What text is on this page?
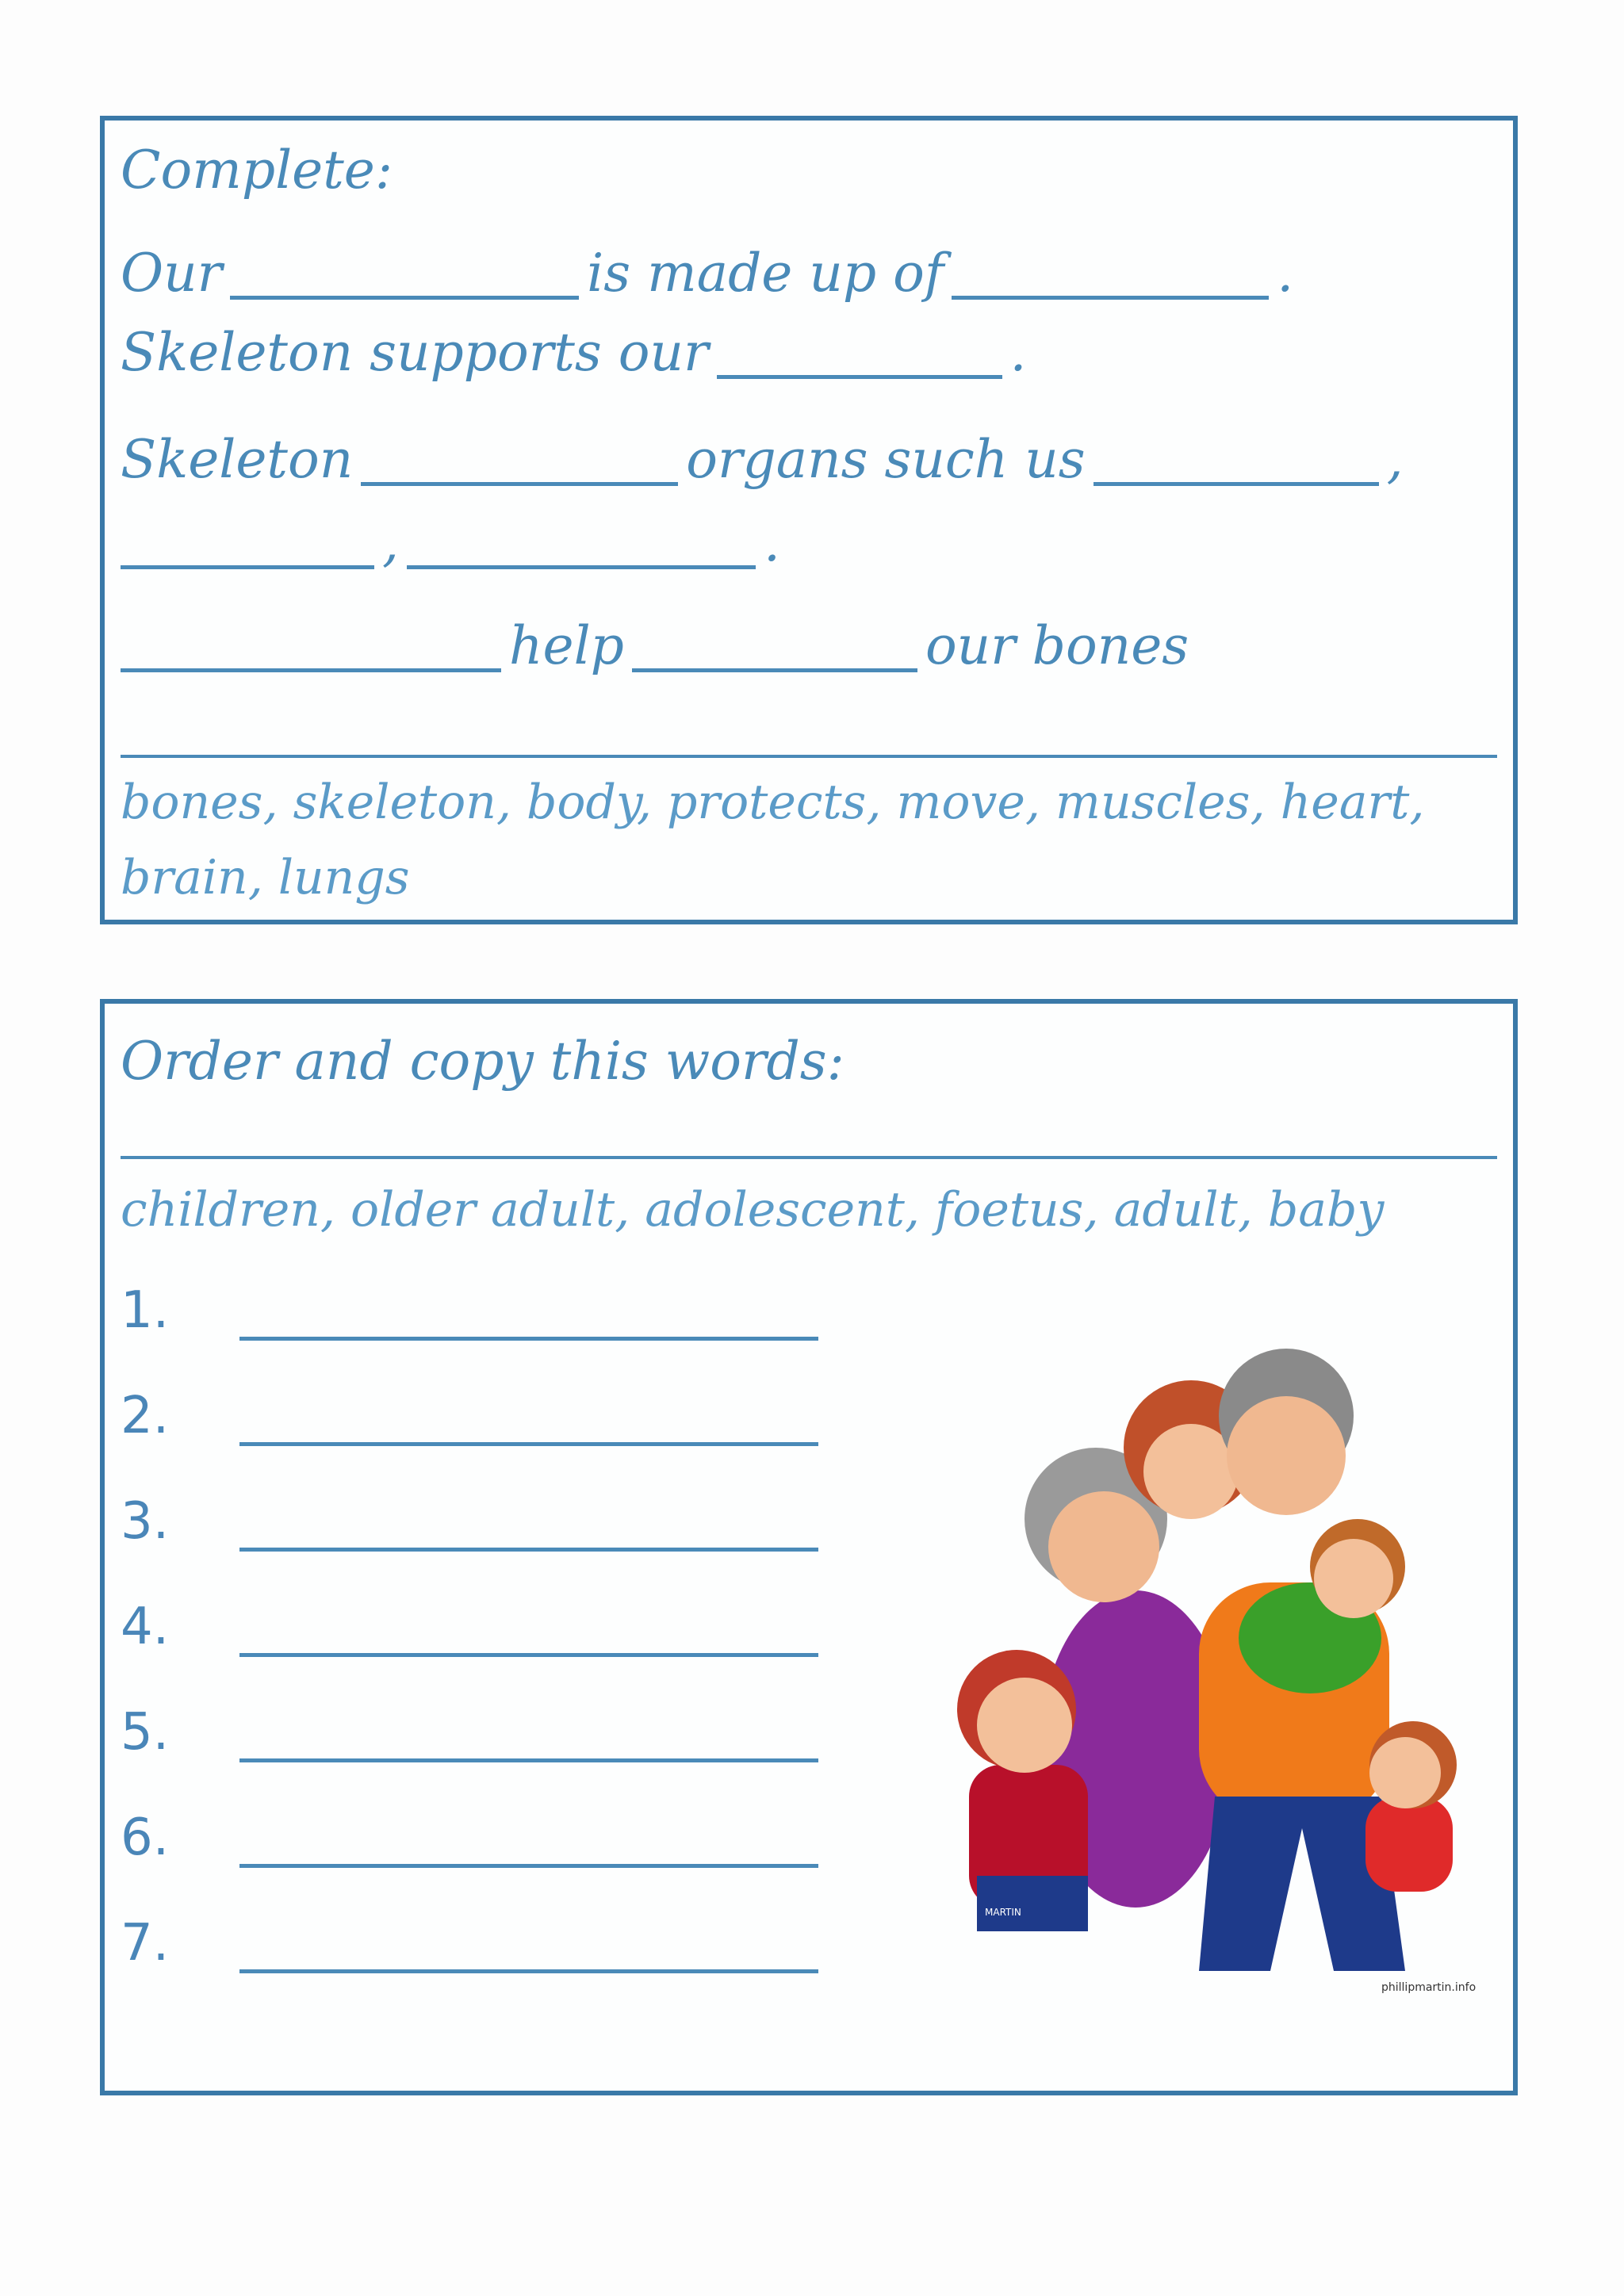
Complete:
Our	is made up of	.
Skeleton supports our	.
Skeleton	organs such us	,
,	.
help	our bones
bones, skeleton, body, protects, move, muscles, heart,
brain, lungs
Order and copy this words:
children, older adult, adolescent, foetus, adult, baby
1.
2.
3.
4.
5.
6.
7.
MARTIN
phillipmartin.info
